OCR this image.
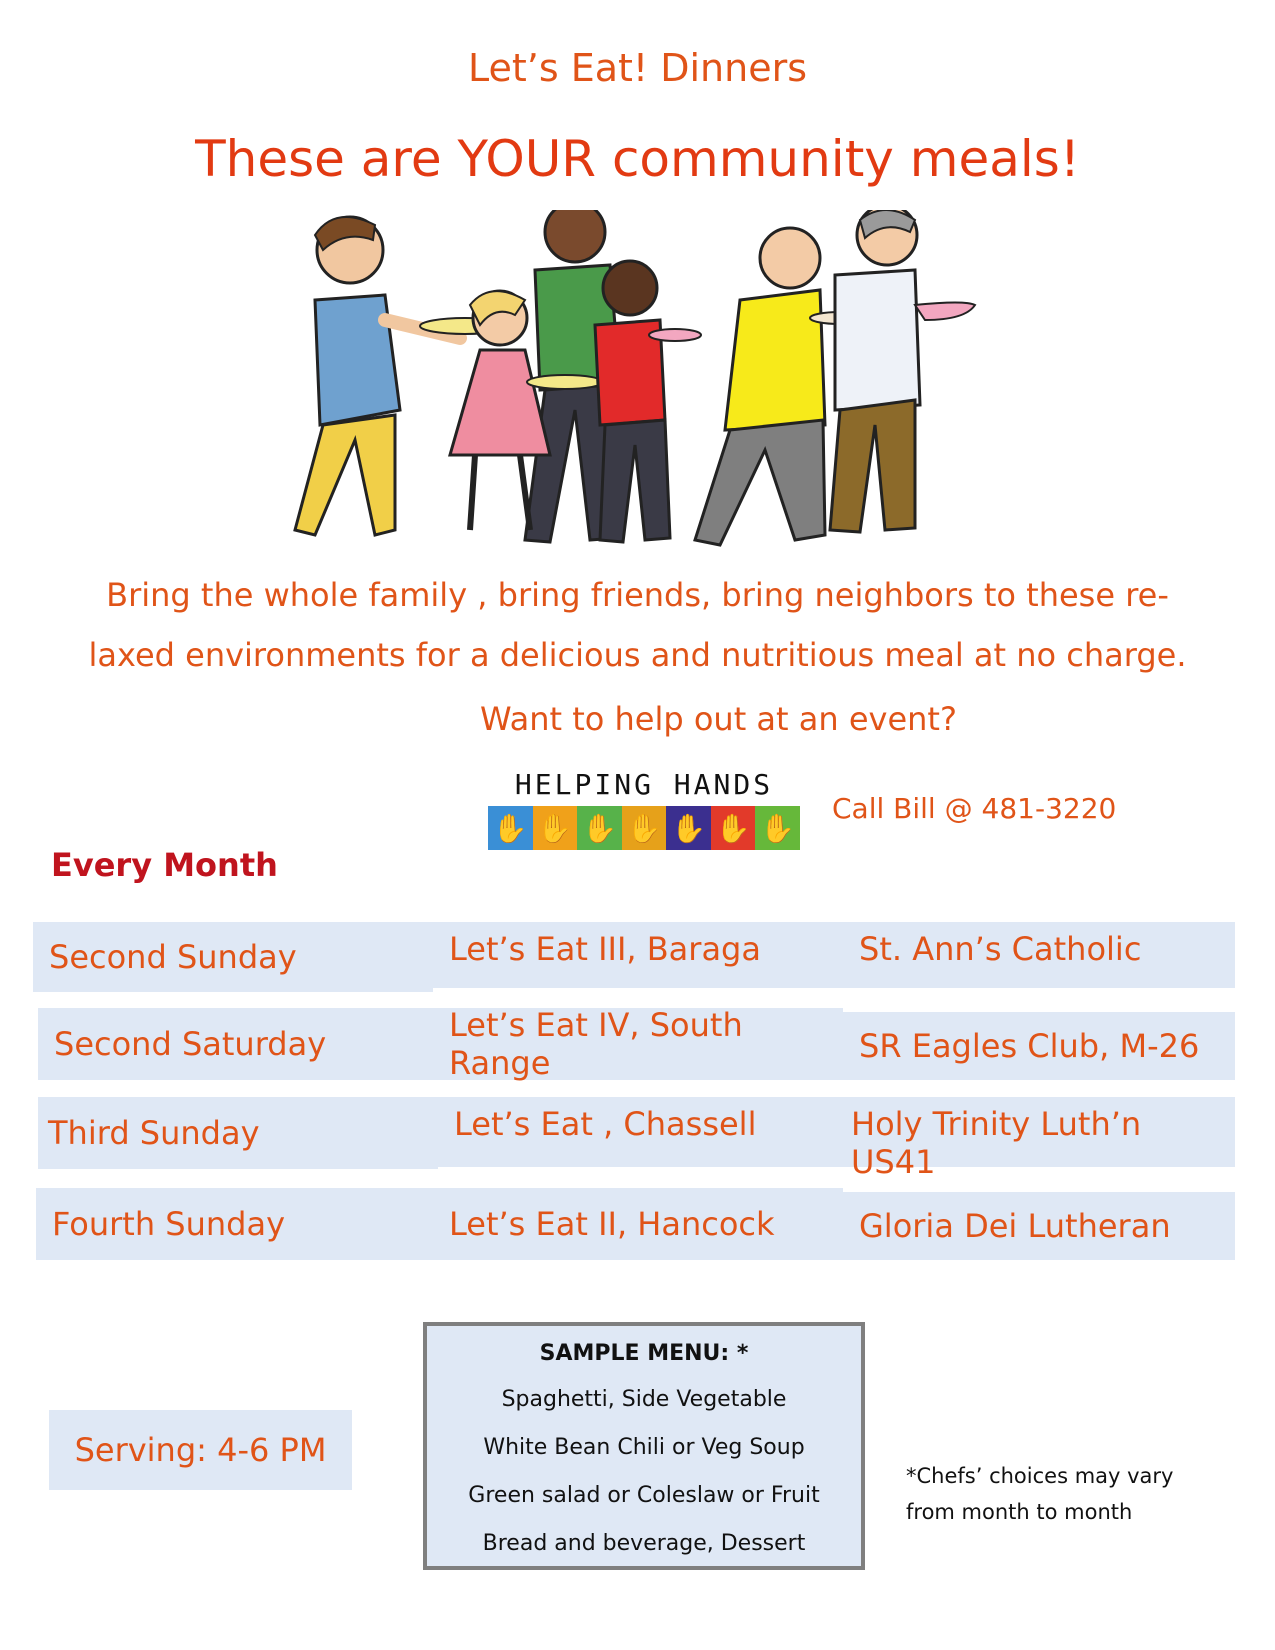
Let’s Eat! Dinners
These are YOUR community meals!
Bring the whole family , bring friends, bring neighbors to these re-
laxed environments for a delicious and nutritious meal at no charge.
Want to help out at an event?
HELPING HANDS
✋ ✋ ✋ ✋ ✋ ✋ ✋
Call Bill @ 481-3220
Every Month
Second Sunday	Let’s Eat III, Baraga	St. Ann’s Catholic
Second Saturday	Let’s Eat IV, South Range	SR Eagles Club, M-26
Third Sunday	Let’s Eat , Chassell	Holy Trinity Luth’n US41
Fourth Sunday	Let’s Eat II, Hancock	Gloria Dei Lutheran
Serving: 4-6 PM
SAMPLE MENU: *
Spaghetti, Side Vegetable
White Bean Chili or Veg Soup
Green salad or Coleslaw or Fruit
Bread and beverage, Dessert
*Chefs’ choices may vary
from month to month
